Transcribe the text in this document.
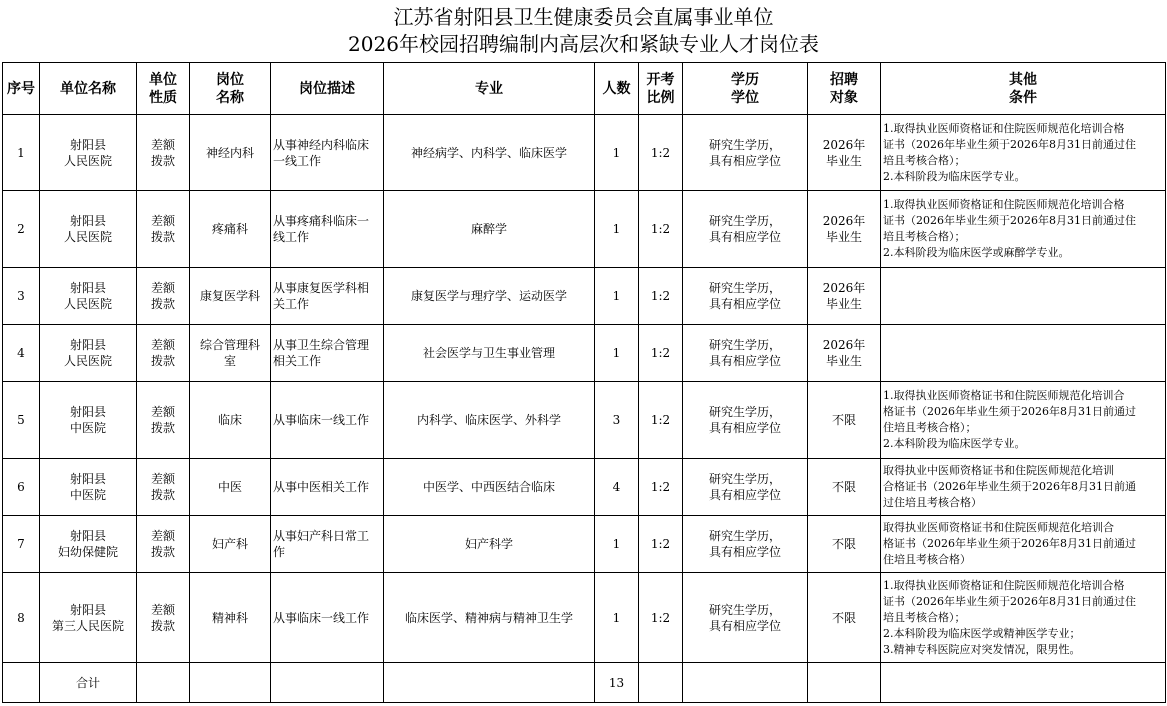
江苏省射阳县卫生健康委员会直属事业单位
2026年校园招聘编制内高层次和紧缺专业人才岗位表
序号	单位名称	单位
性质	岗位
名称	岗位描述	专业	人数	开考
比例	学历
学位	招聘
对象	其他
条件

1	射阳县
人民医院	差额
拨款	神经内科	从事神经内科临床
一线工作	神经病学、内科学、临床医学	1	1:2	研究生学历，
具有相应学位	2026年
毕业生	1.取得执业医师资格证和住院医师规范化培训合格
证书（2026年毕业生须于2026年8月31日前通过住
培且考核合格）；
2.本科阶段为临床医学专业。

2	射阳县
人民医院	差额
拨款	疼痛科	从事疼痛科临床一
线工作	麻醉学	1	1:2	研究生学历，
具有相应学位	2026年
毕业生	1.取得执业医师资格证和住院医师规范化培训合格
证书（2026年毕业生须于2026年8月31日前通过住
培且考核合格）；
2.本科阶段为临床医学或麻醉学专业。

3	射阳县
人民医院	差额
拨款	康复医学科	从事康复医学科相
关工作	康复医学与理疗学、运动医学	1	1:2	研究生学历，
具有相应学位	2026年
毕业生	

4	射阳县
人民医院	差额
拨款	综合管理科
室	从事卫生综合管理
相关工作	社会医学与卫生事业管理	1	1:2	研究生学历，
具有相应学位	2026年
毕业生	

5	射阳县
中医院	差额
拨款	临床	从事临床一线工作	内科学、临床医学、外科学	3	1:2	研究生学历，
具有相应学位	不限	1.取得执业医师资格证书和住院医师规范化培训合
格证书（2026年毕业生须于2026年8月31日前通过
住培且考核合格）；
2.本科阶段为临床医学专业。

6	射阳县
中医院	差额
拨款	中医	从事中医相关工作	中医学、中西医结合临床	4	1:2	研究生学历，
具有相应学位	不限	取得执业中医师资格证书和住院医师规范化培训
合格证书（2026年毕业生须于2026年8月31日前通
过住培且考核合格）

7	射阳县
妇幼保健院	差额
拨款	妇产科	从事妇产科日常工
作	妇产科学	1	1:2	研究生学历，
具有相应学位	不限	取得执业医师资格证书和住院医师规范化培训合
格证书（2026年毕业生须于2026年8月31日前通过
住培且考核合格）

8	射阳县
第三人民医院	差额
拨款	精神科	从事临床一线工作	临床医学、精神病与精神卫生学	1	1:2	研究生学历，
具有相应学位	不限	1.取得执业医师资格证和住院医师规范化培训合格
证书（2026年毕业生须于2026年8月31日前通过住
培且考核合格）；
2.本科阶段为临床医学或精神医学专业；
3.精神专科医院应对突发情况，限男性。

	合计					13				
